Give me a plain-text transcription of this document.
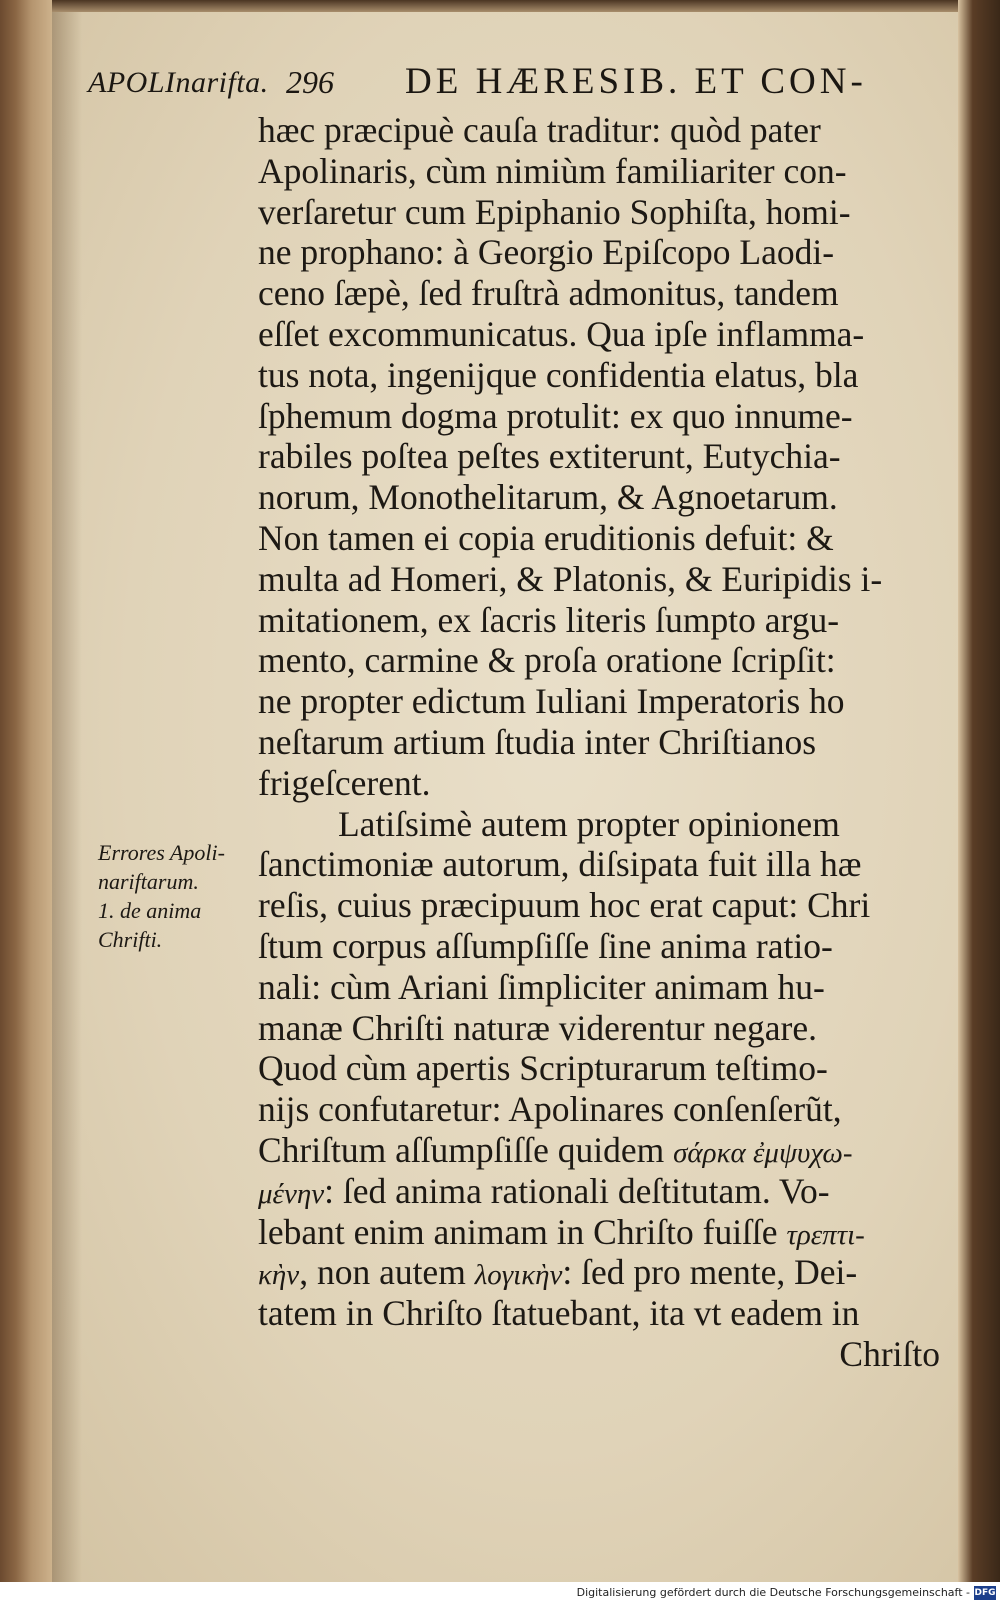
APOLInarifta. 296 DE HÆRESIB. ET CON-
Errores Apoli-
nariftarum.
1. de anima
Chrifti.
hæc præcipuè cauſa traditur: quòd pater
Apolinaris, cùm nimiùm familiariter con-
verſaretur cum Epiphanio Sophiſta, homi-
ne prophano: à Georgio Epiſcopo Laodi-
ceno ſæpè, ſed fruſtrà admonitus, tandem
eſſet excommunicatus. Qua ipſe inflamma-
tus nota, ingenijque confidentia elatus, bla
ſphemum dogma protulit: ex quo innume-
rabiles poſtea peſtes extiterunt, Eutychia-
norum, Monothelitarum, & Agnoetarum.
Non tamen ei copia eruditionis defuit: &
multa ad Homeri, & Platonis, & Euripidis i-
mitationem, ex ſacris literis ſumpto argu-
mento, carmine & proſa oratione ſcripſit:
ne propter edictum Iuliani Imperatoris ho
neſtarum artium ſtudia inter Chriſtianos
frigeſcerent.
Latiſsimè autem propter opinionem
ſanctimoniæ autorum, diſsipata fuit illa hæ
reſis, cuius præcipuum hoc erat caput: Chri
ſtum corpus aſſumpſiſſe ſine anima ratio-
nali: cùm Ariani ſimpliciter animam hu-
manæ Chriſti naturæ viderentur negare.
Quod cùm apertis Scripturarum teſtimo-
nijs confutaretur: Apolinares conſenſerũt,
Chriſtum aſſumpſiſſe quidem σάρκα ἐμψυχω-
μένην: ſed anima rationali deſtitutam. Vo-
lebant enim animam in Chriſto fuiſſe τρεπτι-
κὴν, non autem λογικὴν: ſed pro mente, Dei-
tatem in Chriſto ſtatuebant, ita vt eadem in
Chriſto
Digitalisierung gefördert durch die Deutsche Forschungsgemeinschaft - DFG
